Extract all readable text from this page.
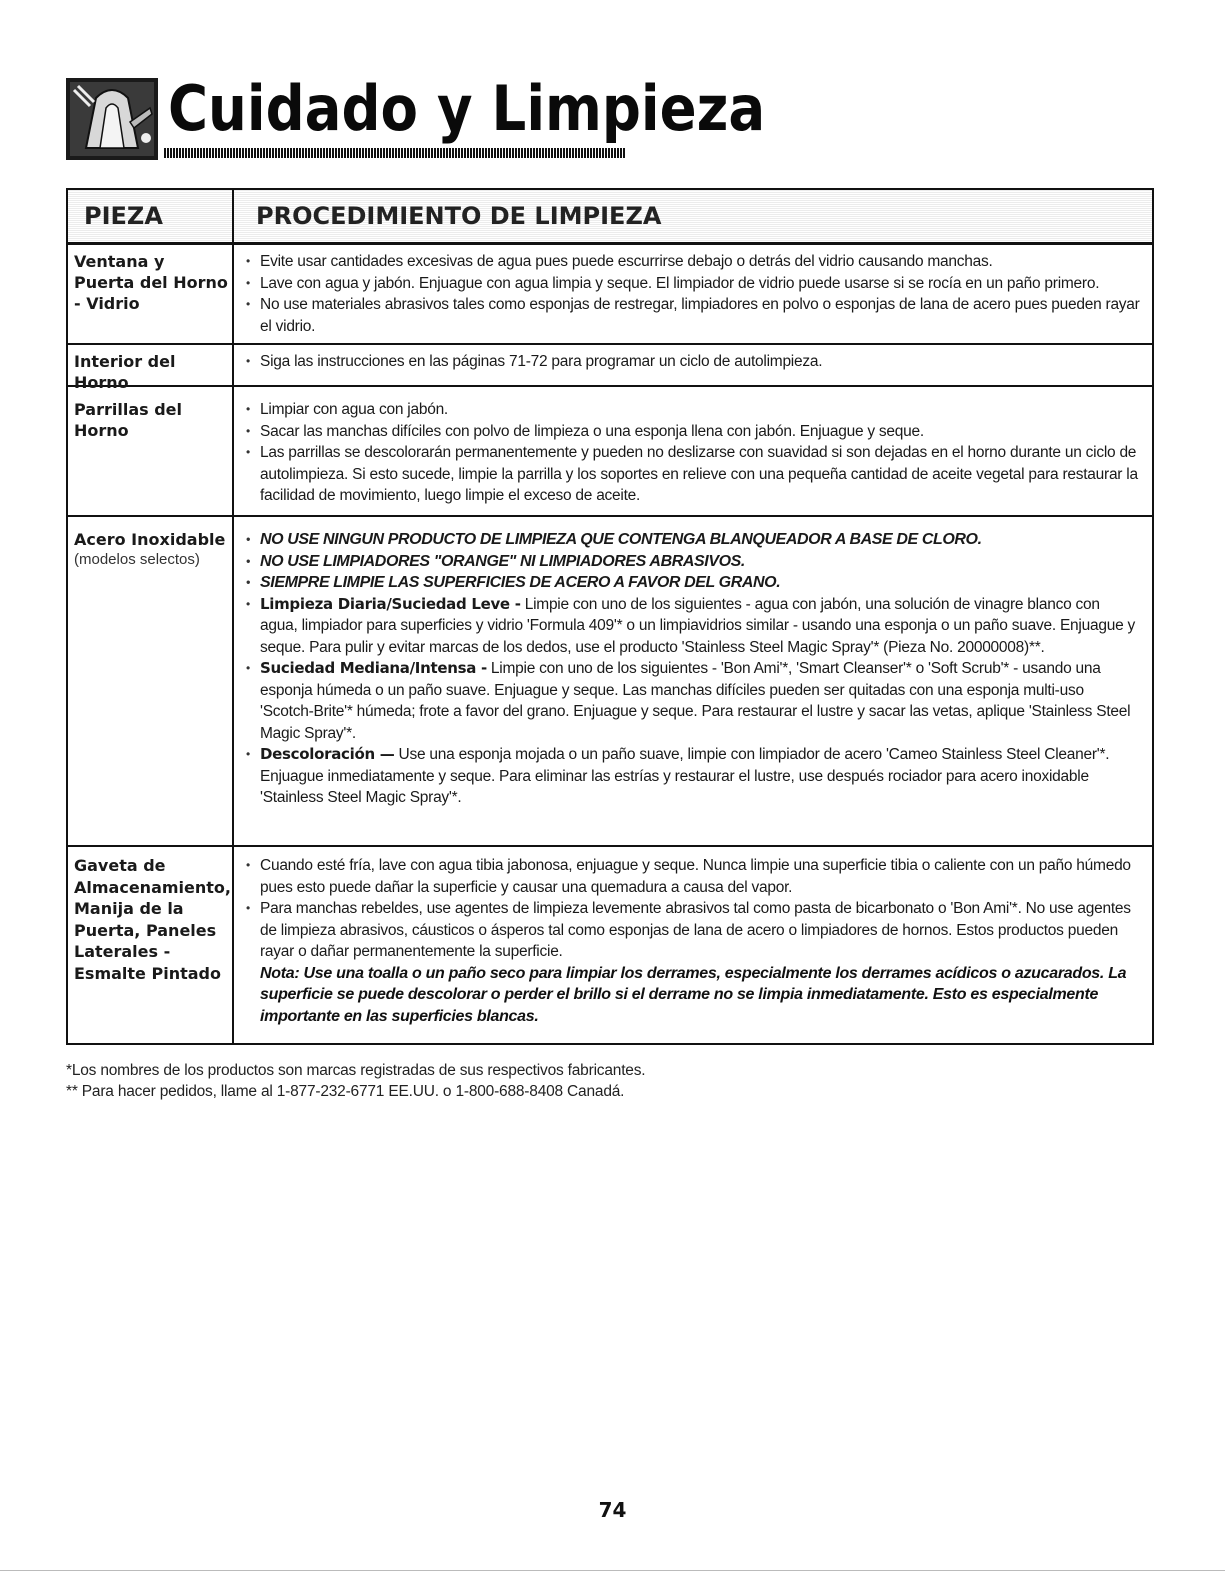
Cuidado y Limpieza
PIEZA	PROCEDIMIENTO DE LIMPIEZA
Ventana y Puerta del Horno - Vidrio
• Evite usar cantidades excesivas de agua pues puede escurrirse debajo o detrás del vidrio causando manchas.
• Lave con agua y jabón. Enjuague con agua limpia y seque. El limpiador de vidrio puede usarse si se rocía en un paño primero.
• No use materiales abrasivos tales como esponjas de restregar, limpiadores en polvo o esponjas de lana de acero pues pueden rayar el vidrio.
Interior del Horno
• Siga las instrucciones en las páginas 71-72 para programar un ciclo de autolimpieza.
Parrillas del Horno
• Limpiar con agua con jabón.
• Sacar las manchas difíciles con polvo de limpieza o una esponja llena con jabón. Enjuague y seque.
• Las parrillas se descolorarán permanentemente y pueden no deslizarse con suavidad si son dejadas en el horno durante un ciclo de autolimpieza. Si esto sucede, limpie la parrilla y los soportes en relieve con una pequeña cantidad de aceite vegetal para restaurar la facilidad de movimiento, luego limpie el exceso de aceite.
Acero Inoxidable
(modelos selectos)
• NO USE NINGUN PRODUCTO DE LIMPIEZA QUE CONTENGA BLANQUEADOR A BASE DE CLORO.
• NO USE LIMPIADORES "ORANGE" NI LIMPIADORES ABRASIVOS.
• SIEMPRE LIMPIE LAS SUPERFICIES DE ACERO A FAVOR DEL GRANO.
• Limpieza Diaria/Suciedad Leve - Limpie con uno de los siguientes - agua con jabón, una solución de vinagre blanco con agua, limpiador para superficies y vidrio 'Formula 409'* o un limpiavidrios similar - usando una esponja o un paño suave. Enjuague y seque. Para pulir y evitar marcas de los dedos, use el producto 'Stainless Steel Magic Spray'* (Pieza No. 20000008)**.
• Suciedad Mediana/Intensa - Limpie con uno de los siguientes - 'Bon Ami'*, 'Smart Cleanser'* o 'Soft Scrub'* - usando una esponja húmeda o un paño suave. Enjuague y seque. Las manchas difíciles pueden ser quitadas con una esponja multi-uso 'Scotch-Brite'* húmeda; frote a favor del grano. Enjuague y seque. Para restaurar el lustre y sacar las vetas, aplique 'Stainless Steel Magic Spray'*.
• Descoloración — Use una esponja mojada o un paño suave, limpie con limpiador de acero 'Cameo Stainless Steel Cleaner'*. Enjuague inmediatamente y seque. Para eliminar las estrías y restaurar el lustre, use después rociador para acero inoxidable 'Stainless Steel Magic Spray'*.
Gaveta de Almacenamiento, Manija de la Puerta, Paneles Laterales - Esmalte Pintado
• Cuando esté fría, lave con agua tibia jabonosa, enjuague y seque. Nunca limpie una superficie tibia o caliente con un paño húmedo pues esto puede dañar la superficie y causar una quemadura a causa del vapor.
• Para manchas rebeldes, use agentes de limpieza levemente abrasivos tal como pasta de bicarbonato o 'Bon Ami'*. No use agentes de limpieza abrasivos, cáusticos o ásperos tal como esponjas de lana de acero o limpiadores de hornos. Estos productos pueden rayar o dañar permanentemente la superficie.
Nota: Use una toalla o un paño seco para limpiar los derrames, especialmente los derrames acídicos o azucarados. La superficie se puede descolorar o perder el brillo si el derrame no se limpia inmediatamente. Esto es especialmente importante en las superficies blancas.

*Los nombres de los productos son marcas registradas de sus respectivos fabricantes.

** Para hacer pedidos, llame al 1-877-232-6771 EE.UU. o 1-800-688-8408 Canadá.

74
